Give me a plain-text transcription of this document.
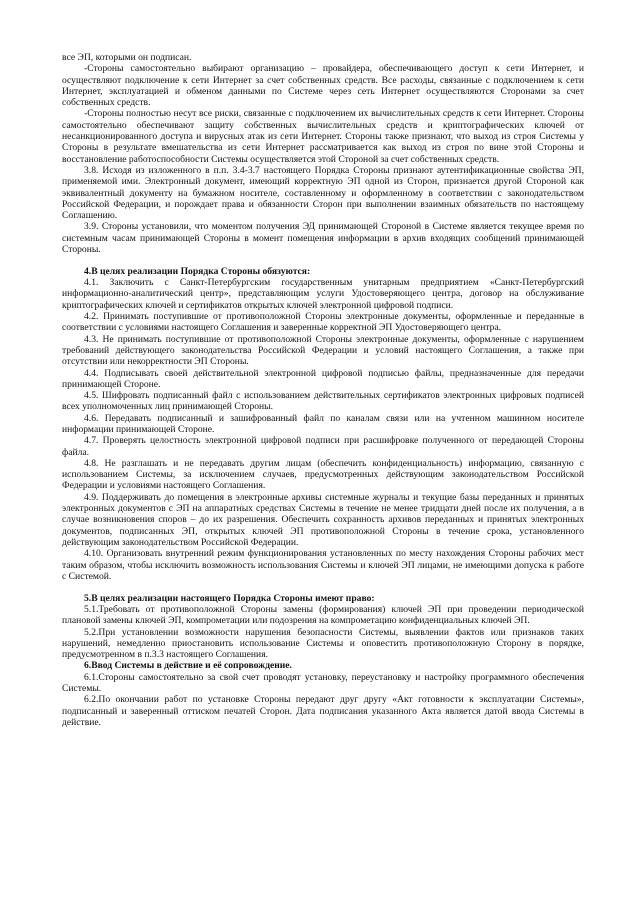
все ЭП, которыми он подписан.

-Стороны самостоятельно выбирают организацию – провайдера, обеспечивающего доступ к сети Интернет, и осуществляют подключение к сети Интернет за счет собственных средств. Все расходы, связанные с подключением к сети Интернет, эксплуатацией и обменом данными по Системе через сеть Интернет осуществляются Сторонами за счет собственных средств.

-Стороны полностью несут все риски, связанные с подключением их вычислительных средств к сети Интернет. Стороны самостоятельно обеспечивают защиту собственных вычислительных средств и криптографических ключей от несанкционированного доступа и вирусных атак из сети Интернет. Стороны также признают, что выход из строя Системы у Стороны в результате вмешательства из сети Интернет рассматривается как выход из строя по вине этой Стороны и восстановление работоспособности Системы осуществляется этой Стороной за счет собственных средств.

3.8. Исходя из изложенного в п.п. 3.4-3.7 настоящего Порядка Стороны признают аутентификационные свойства ЭП, применяемой ими. Электронный документ, имеющий корректную ЭП одной из Сторон, признается другой Стороной как эквивалентный документу на бумажном носителе, составленному и оформленному в соответствии с законодательством Российской Федерации, и порождает права и обязанности Сторон при выполнении взаимных обязательств по настоящему Соглашению.

3.9. Стороны установили, что моментом получения ЭД принимающей Стороной в Системе является текущее время по системным часам принимающей Стороны в момент помещения информации в архив входящих сообщений принимающей Стороны.

4.В целях реализации Порядка Стороны обязуются:

4.1. Заключить с Санкт-Петербургским государственным унитарным предприятием «Санкт-Петербургский информационно-аналитический центр», представляющим услуги Удостоверяющего центра, договор на обслуживание криптографических ключей и сертификатов открытых ключей электронной цифровой подписи.

4.2. Принимать поступившие от противоположной Стороны электронные документы, оформленные и переданные в соответствии с условиями настоящего Соглашения и заверенные корректной ЭП Удостоверяющего центра.

4.3. Не принимать поступившие от противоположной Стороны электронные документы, оформленные с нарушением требований действующего законодательства Российской Федерации и условий настоящего Соглашения, а также при отсутствии или некорректности ЭП Стороны.

4.4. Подписывать своей действительной электронной цифровой подписью файлы, предназначенные для передачи принимающей Стороне.

4.5. Шифровать подписанный файл с использованием действительных сертификатов электронных цифровых подписей всех уполномоченных лиц принимающей Стороны.

4.6. Передавать подписанный и зашифрованный файл по каналам связи или на учтенном машинном носителе информации принимающей Стороне.

4.7. Проверять целостность электронной цифровой подписи при расшифровке полученного от передающей Стороны файла.

4.8. Не разглашать и не передавать другим лицам (обеспечить конфиденциальность) информацию, связанную с использованием Системы, за исключением случаев, предусмотренных действующим законодательством Российской Федерации и условиями настоящего Соглашения.

4.9. Поддерживать до помещения в электронные архивы системные журналы и текущие базы переданных и принятых электронных документов с ЭП на аппаратных средствах Системы в течение не менее тридцати дней после их получения, а в случае возникновения споров – до их разрешения. Обеспечить сохранность архивов переданных и принятых электронных документов, подписанных ЭП, открытых ключей ЭП противоположной Стороны в течение срока, установленного действующим законодательством Российской Федерации.

4.10. Организовать внутренний режим функционирования установленных по месту нахождения Стороны рабочих мест таким образом, чтобы исключить возможность использования Системы и ключей ЭП лицами, не имеющими допуска к работе с Системой.

5.В целях реализации настоящего Порядка Стороны имеют право:

5.1.Требовать от противоположной Стороны замены (формирования) ключей ЭП при проведении периодической плановой замены ключей ЭП, компрометации или подозрения на компрометацию конфиденциальных ключей ЭП.

5.2.При установлении возможности нарушения безопасности Системы, выявлении фактов или признаков таких нарушений, немедленно приостановить использование Системы и оповестить противоположную Сторону в порядке, предусмотренном в п.3.3 настоящего Соглашения.

6.Ввод Системы в действие и её сопровождение.

6.1.Стороны самостоятельно за свой счет проводят установку, переустановку и настройку программного обеспечения Системы.

6.2.По окончании работ по установке Стороны передают друг другу «Акт готовности к эксплуатации Системы», подписанный и заверенный оттиском печатей Сторон. Дата подписания указанного Акта является датой ввода Системы в действие.
